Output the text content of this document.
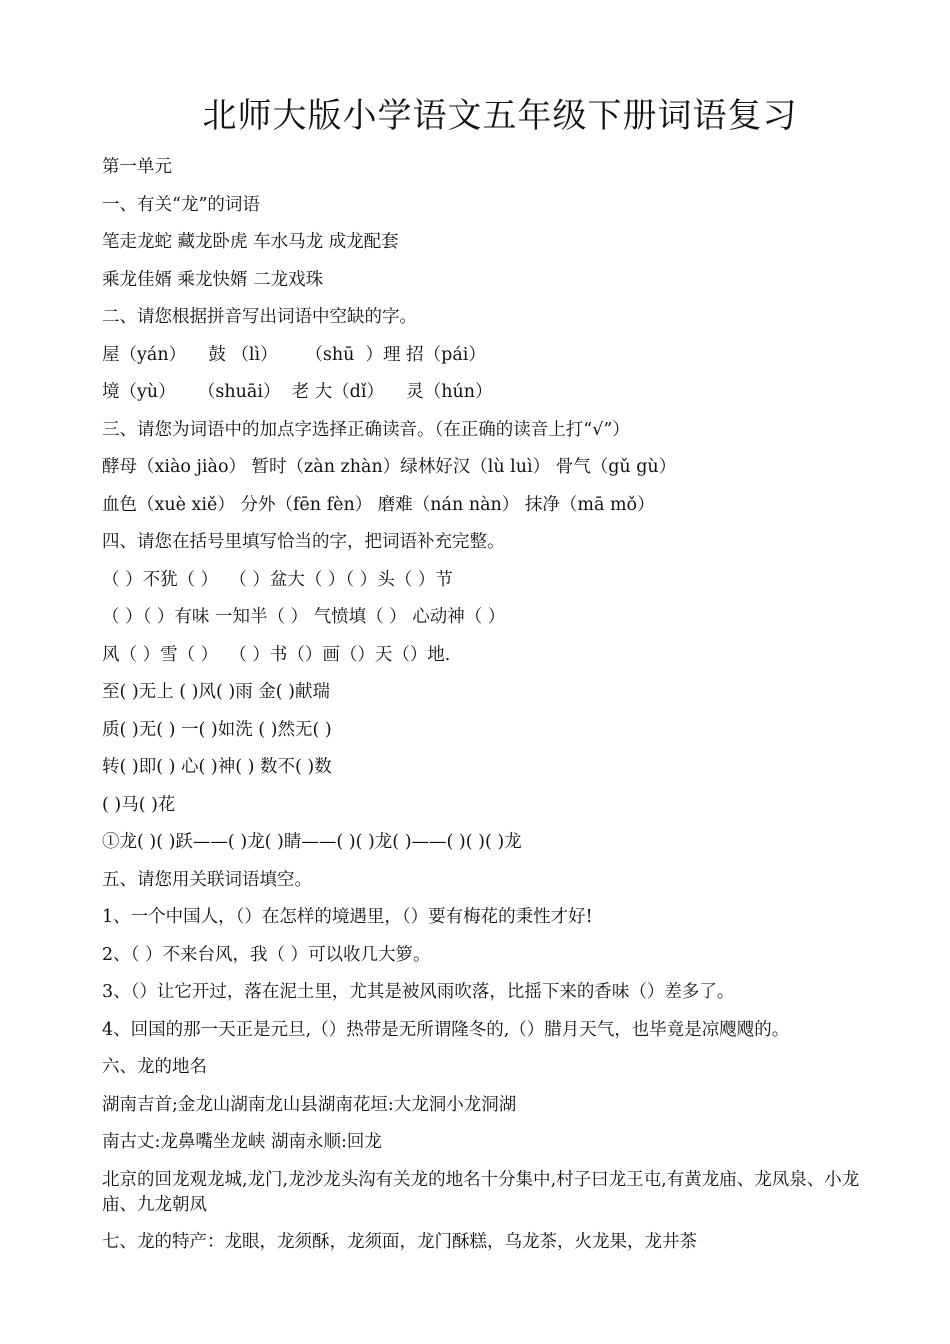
北师大版小学语文五年级下册词语复习
第一单元
一、有关“龙”的词语
笔走龙蛇 藏龙卧虎 车水马龙 成龙配套
乘龙佳婿 乘龙快婿 二龙戏珠
二、请您根据拼音写出词语中空缺的字。
屋（yán）    鼓 （lì）     （shū  ）理 招（pái）
境（yù）    （shuāi）  老 大（dǐ）    灵（hún）
三、请您为词语中的加点字选择正确读音。（在正确的读音上打“√”）
酵母（xiào jiào） 暂时（zàn zhàn）绿林好汉（lù luì） 骨气（gǔ gù）
血色（xuè xiě） 分外（fēn fèn） 磨难（nán nàn） 抹净（mā mǒ）
四、请您在括号里填写恰当的字，把词语补充完整。
（ ）不犹（ ）  （ ）盆大（ ）（ ）头（ ）节
（ ）（ ）有味 一知半（ ） 气愤填（ ） 心动神（ ）
风（ ）雪（ ）  （ ）书（）画（）天（）地.
至( )无上 ( )风( )雨 金( )献瑞
质( )无( ) 一( )如洗 ( )然无( )
转( )即( ) 心( )神( ) 数不( )数
( )马( )花
①龙( )( )跃——( )龙( )睛——( )( )龙( )——( )( )( )龙
五、请您用关联词语填空。
1、一个中国人，（）在怎样的境遇里，（）要有梅花的秉性才好!
2、（ ）不来台风，我（ ）可以收几大箩。
3、（）让它开过，落在泥土里，尤其是被风雨吹落，比摇下来的香味（）差多了。
4、回国的那一天正是元旦,（）热带是无所谓隆冬的,（）腊月天气，也毕竟是凉飕飕的。
六、龙的地名
湖南吉首;金龙山湖南龙山县湖南花垣:大龙洞小龙洞湖
南古丈:龙鼻嘴坐龙峡 湖南永顺:回龙
北京的回龙观龙城,龙门,龙沙龙头沟有关龙的地名十分集中,村子曰龙王屯,有黄龙庙、龙凤泉、小龙庙、九龙朝凤
七、龙的特产：龙眼，龙须酥，龙须面，龙门酥糕，乌龙茶，火龙果，龙井茶
